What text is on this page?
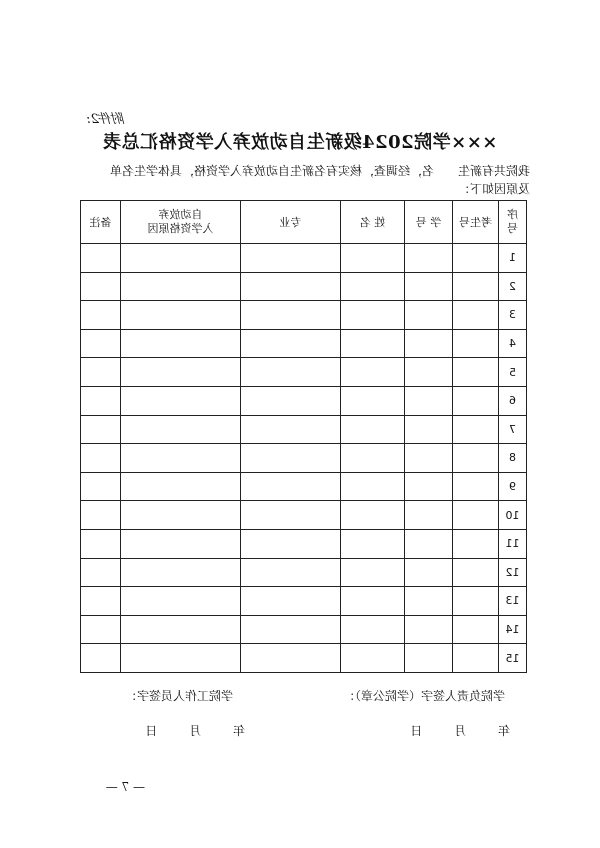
附件2:
×××学院2024级新生自动放弃入学资格汇总表
我院共有新生　　名，经调查，核实有名新生自动放弃入学资格，具体学生名单
及原因如下：
序
号	考生号	学 号	姓 名	专业	自动放弃
入学资格原因	备注
1						
2						
3						
4						
5						
6						
7						
8						
9						
10						
11						
12						
13						
14						
15						
学院工作人员签字：	学院负责人签字（学院公章）：
年 月 日
年 月 日
— 7 —
